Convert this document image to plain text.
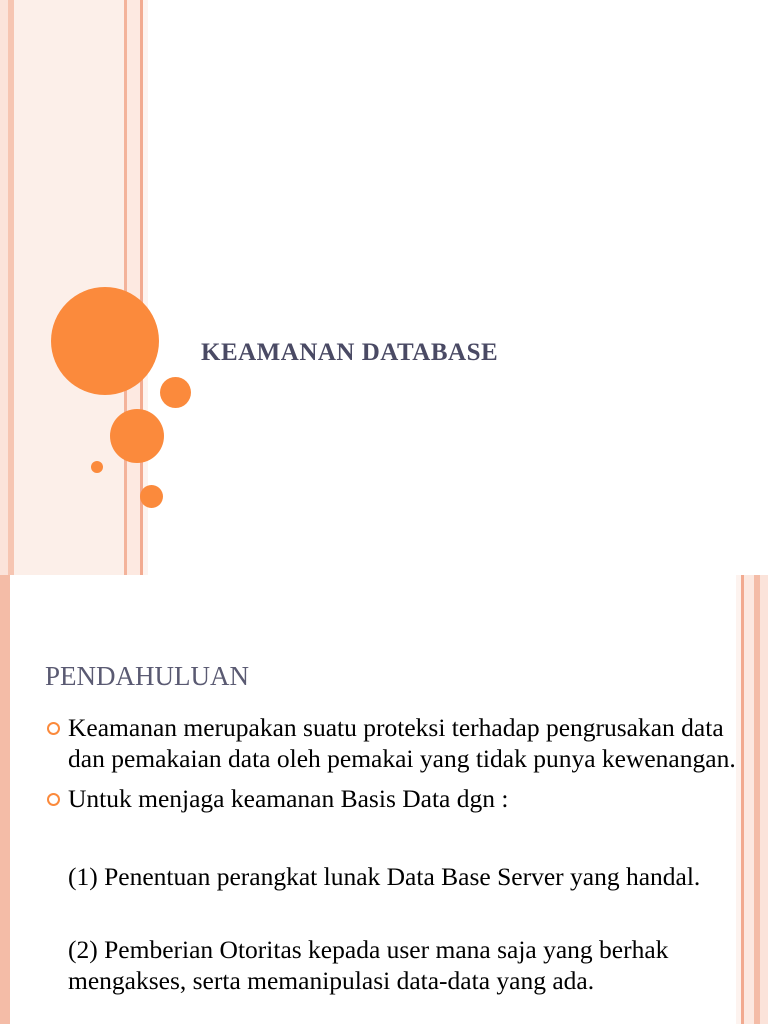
KEAMANAN DATABASE
PENDAHULUAN
Keamanan merupakan suatu proteksi terhadap pengrusakan data dan pemakaian data oleh pemakai yang tidak punya kewenangan.
Untuk menjaga keamanan Basis Data dgn :

(1) Penentuan perangkat lunak Data Base Server yang handal.

(2) Pemberian Otoritas kepada user mana saja yang berhak mengakses, serta memanipulasi data-data yang ada.
